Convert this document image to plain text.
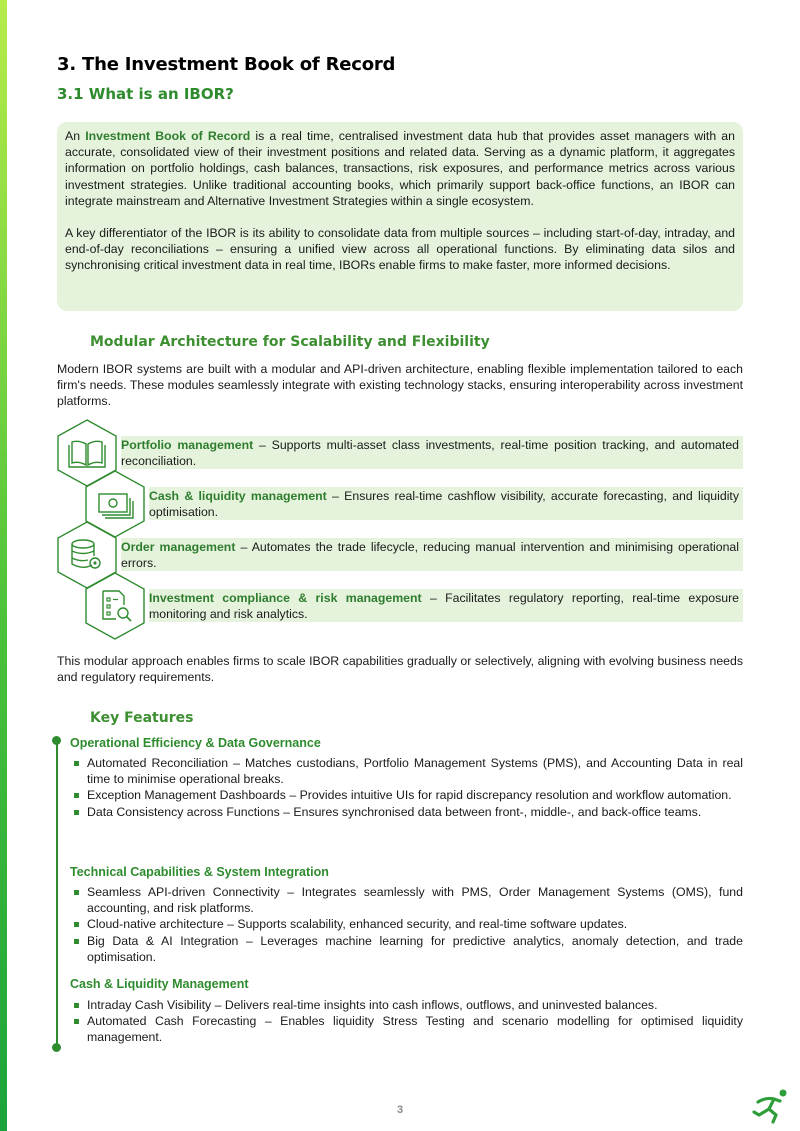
3. The Investment Book of Record
3.1 What is an IBOR?

An Investment Book of Record is a real time, centralised investment data hub that provides asset managers with an accurate, consolidated view of their investment positions and related data. Serving as a dynamic platform, it aggregates information on portfolio holdings, cash balances, transactions, risk exposures, and performance metrics across various investment strategies. Unlike traditional accounting books, which primarily support back-office functions, an IBOR can integrate mainstream and Alternative Investment Strategies within a single ecosystem.

A key differentiator of the IBOR is its ability to consolidate data from multiple sources – including start-of-day, intraday, and end-of-day reconciliations – ensuring a unified view across all operational functions. By eliminating data silos and synchronising critical investment data in real time, IBORs enable firms to make faster, more informed decisions.

Modular Architecture for Scalability and Flexibility

Modern IBOR systems are built with a modular and API-driven architecture, enabling flexible implementation tailored to each firm's needs. These modules seamlessly integrate with existing technology stacks, ensuring interoperability across investment platforms.

Portfolio management – Supports multi-asset class investments, real-time position tracking, and automated reconciliation.
Cash & liquidity management – Ensures real-time cashflow visibility, accurate forecasting, and liquidity optimisation.
Order management – Automates the trade lifecycle, reducing manual intervention and minimising operational errors.
Investment compliance & risk management – Facilitates regulatory reporting, real-time exposure monitoring and risk analytics.

This modular approach enables firms to scale IBOR capabilities gradually or selectively, aligning with evolving business needs and regulatory requirements.

Key Features
Operational Efficiency & Data Governance
Automated Reconciliation – Matches custodians, Portfolio Management Systems (PMS), and Accounting Data in real time to minimise operational breaks.
Exception Management Dashboards – Provides intuitive UIs for rapid discrepancy resolution and workflow automation.
Data Consistency across Functions – Ensures synchronised data between front-, middle-, and back-office teams.
Technical Capabilities & System Integration
Seamless API-driven Connectivity – Integrates seamlessly with PMS, Order Management Systems (OMS), fund accounting, and risk platforms.
Cloud-native architecture – Supports scalability, enhanced security, and real-time software updates.
Big Data & AI Integration – Leverages machine learning for predictive analytics, anomaly detection, and trade optimisation.
Cash & Liquidity Management
Intraday Cash Visibility – Delivers real-time insights into cash inflows, outflows, and uninvested balances.
Automated Cash Forecasting – Enables liquidity Stress Testing and scenario modelling for optimised liquidity management.
3
